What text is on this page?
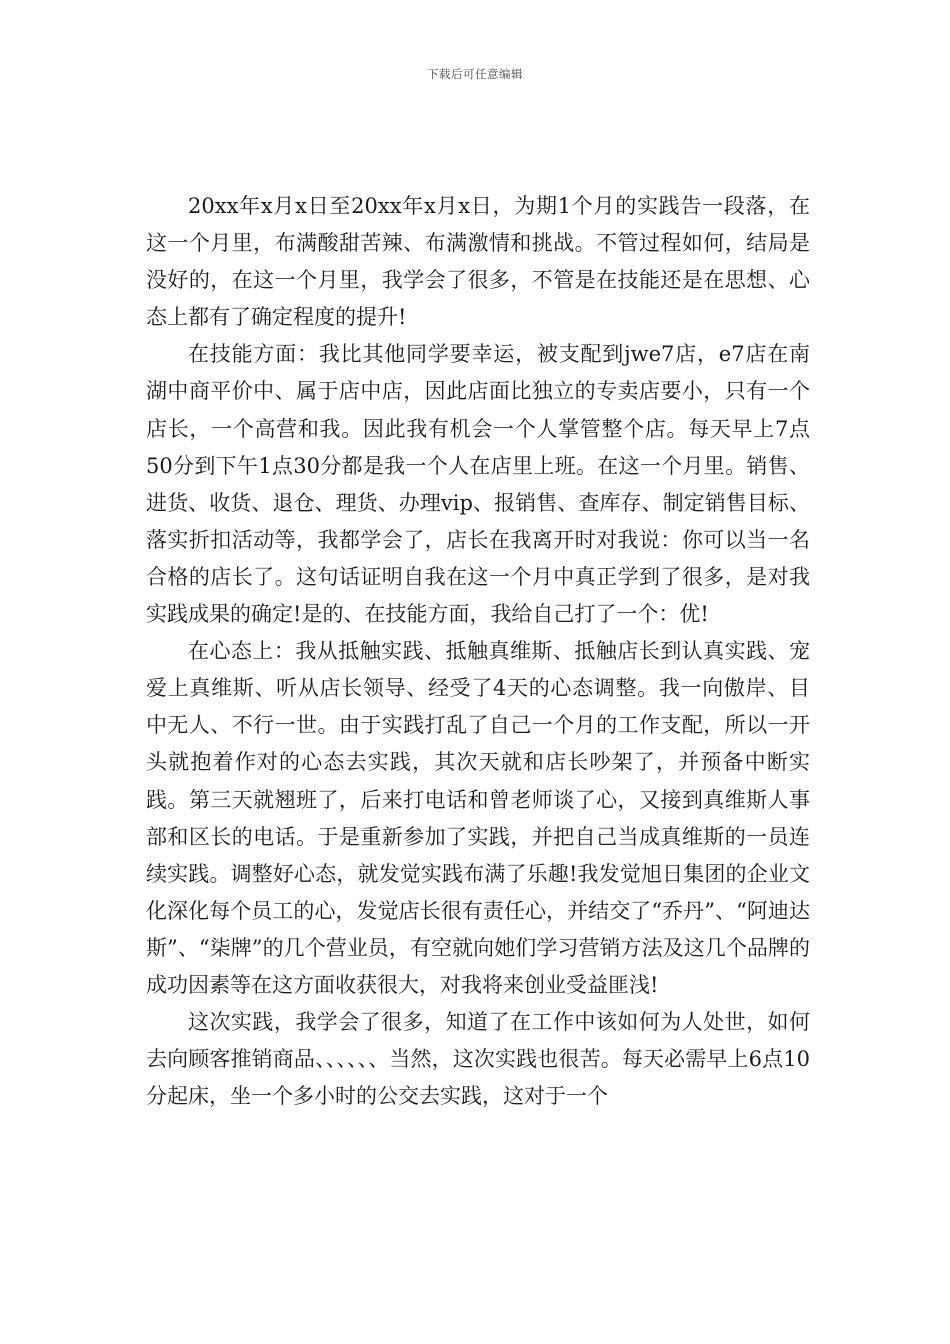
下载后可任意编辑

20xx年x月x日至20xx年x月x日，为期1个月的实践告一段落，在这一个月里，布满酸甜苦辣、布满激情和挑战。不管过程如何，结局是没好的，在这一个月里，我学会了很多，不管是在技能还是在思想、心态上都有了确定程度的提升!

在技能方面：我比其他同学要幸运，被支配到jwe7店，e7店在南湖中商平价中、属于店中店，因此店面比独立的专卖店要小，只有一个店长，一个高营和我。因此我有机会一个人掌管整个店。每天早上7点50分到下午1点30分都是我一个人在店里上班。在这一个月里。销售、进货、收货、退仓、理货、办理vip、报销售、查库存、制定销售目标、落实折扣活动等，我都学会了，店长在我离开时对我说：你可以当一名合格的店长了。这句话证明自我在这一个月中真正学到了很多，是对我实践成果的确定!是的、在技能方面，我给自己打了一个：优!

在心态上：我从抵触实践、抵触真维斯、抵触店长到认真实践、宠爱上真维斯、听从店长领导、经受了4天的心态调整。我一向傲岸、目中无人、不行一世。由于实践打乱了自己一个月的工作支配，所以一开头就抱着作对的心态去实践，其次天就和店长吵架了，并预备中断实践。第三天就翘班了，后来打电话和曾老师谈了心，又接到真维斯人事部和区长的电话。于是重新参加了实践，并把自己当成真维斯的一员连续实践。调整好心态，就发觉实践布满了乐趣!我发觉旭日集团的企业文化深化每个员工的心，发觉店长很有责任心，并结交了“乔丹”、“阿迪达斯”、“柒牌”的几个营业员，有空就向她们学习营销方法及这几个品牌的成功因素等在这方面收获很大，对我将来创业受益匪浅!

这次实践，我学会了很多，知道了在工作中该如何为人处世，如何去向顾客推销商品、、、、、、当然，这次实践也很苦。每天必需早上6点10分起床，坐一个多小时的公交去实践，这对于一个
